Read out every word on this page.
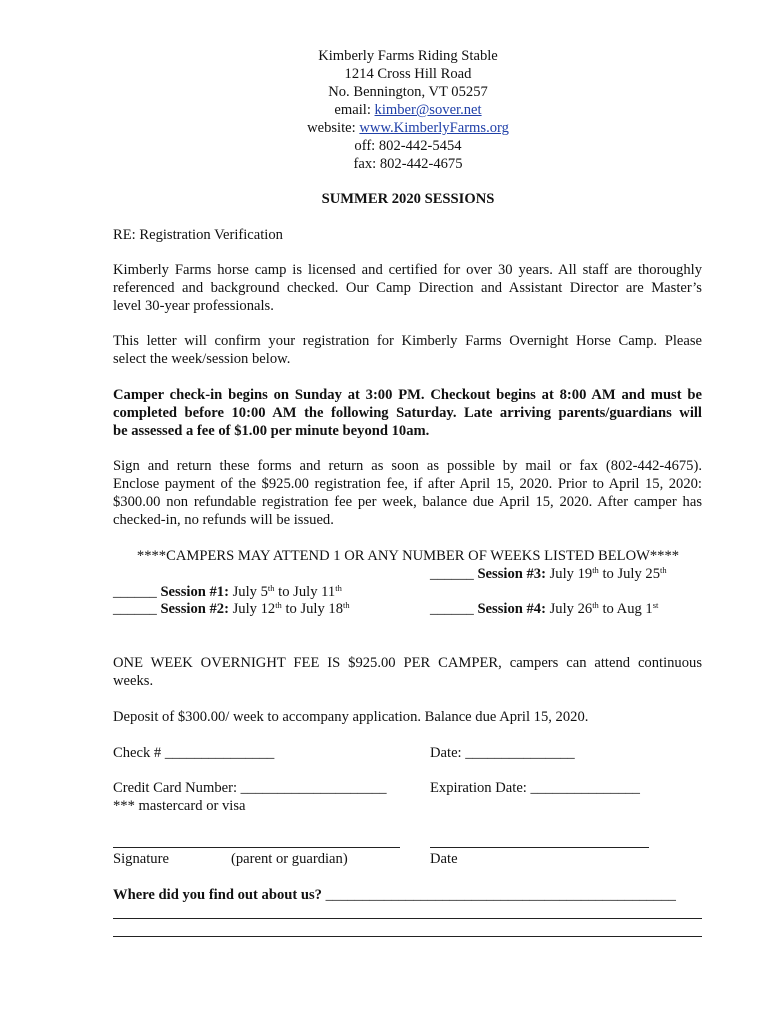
Kimberly Farms Riding Stable
1214 Cross Hill Road
No. Bennington, VT 05257
email: kimber@sover.net
website: www.KimberlyFarms.org
off: 802-442-5454
fax: 802-442-4675
SUMMER 2020 SESSIONS
RE: Registration Verification
Kimberly Farms horse camp is licensed and certified for over 30 years. All staff are thoroughly
referenced and background checked. Our Camp Direction and Assistant Director are Master’s
level 30-year professionals.
This letter will confirm your registration for Kimberly Farms Overnight Horse Camp. Please
select the week/session below.
Camper check-in begins on Sunday at 3:00 PM. Checkout begins at 8:00 AM and must be
completed before 10:00 AM the following Saturday. Late arriving parents/guardians will
be assessed a fee of $1.00 per minute beyond 10am.
Sign and return these forms and return as soon as possible by mail or fax (802-442-4675).
Enclose payment of the $925.00 registration fee, if after April 15, 2020. Prior to April 15, 2020:
$300.00 non refundable registration fee per week, balance due April 15, 2020. After camper has
checked-in, no refunds will be issued.
****CAMPERS MAY ATTEND 1 OR ANY NUMBER OF WEEKS LISTED BELOW****
______ Session #3: July 19th to July 25th
______ Session #1: July 5th to July 11th
______ Session #2: July 12th to July 18th	______ Session #4: July 26th to Aug 1st
ONE WEEK OVERNIGHT FEE IS $925.00 PER CAMPER, campers can attend continuous
weeks.
Deposit of $300.00/ week to accompany application. Balance due April 15, 2020.
Check # _______________	Date: _______________
Credit Card Number: ____________________	Expiration Date: _______________
*** mastercard or visa
Signature	(parent or guardian)	Date
Where did you find out about us? ________________________________________________
